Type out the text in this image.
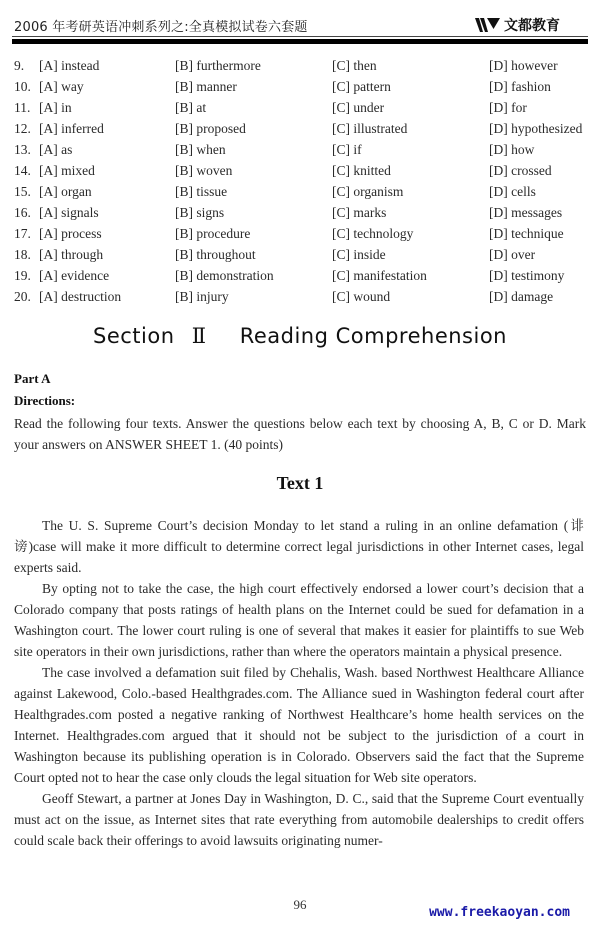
2006 年考研英语冲刺系列之:全真模拟试卷六套题	文都教育
9.	[A] instead	[B] furthermore	[C] then	[D] however
10. [A] way	[B] manner	[C] pattern	[D] fashion
11. [A] in	[B] at	[C] under	[D] for
12. [A] inferred	[B] proposed	[C] illustrated	[D] hypothesized
13. [A] as	[B] when	[C] if	[D] how
14. [A] mixed	[B] woven	[C] knitted	[D] crossed
15. [A] organ	[B] tissue	[C] organism	[D] cells
16. [A] signals	[B] signs	[C] marks	[D] messages
17. [A] process	[B] procedure	[C] technology	[D] technique
18. [A] through	[B] throughout	[C] inside	[D] over
19. [A] evidence	[B] demonstration	[C] manifestation	[D] testimony
20. [A] destruction	[B] injury	[C] wound	[D] damage
Section Ⅱ Reading Comprehension
Part A
Directions:
Read the following four texts. Answer the questions below each text by choosing A, B, C or D. Mark your answers on ANSWER SHEET 1. (40 points)
Text 1

The U. S. Supreme Court’s decision Monday to let stand a ruling in an online defamation (诽谤)case will make it more difficult to determine correct legal jurisdictions in other Internet cases, legal experts said.

By opting not to take the case, the high court effectively endorsed a lower court’s decision that a Colorado company that posts ratings of health plans on the Internet could be sued for defamation in a Washington court. The lower court ruling is one of several that makes it easier for plaintiffs to sue Web site operators in their own jurisdictions, rather than where the operators maintain a physical presence.

The case involved a defamation suit filed by Chehalis, Wash. based Northwest Healthcare Alliance against Lakewood, Colo.-based Healthgrades.com. The Alliance sued in Washington federal court after Healthgrades.com posted a negative ranking of Northwest Healthcare’s home health services on the Internet. Healthgrades.com argued that it should not be subject to the jurisdiction of a court in Washington because its publishing operation is in Colorado. Observers said the fact that the Supreme Court opted not to hear the case only clouds the legal situation for Web site operators.

Geoff Stewart, a partner at Jones Day in Washington, D. C., said that the Supreme Court eventually must act on the issue, as Internet sites that rate everything from automobile dealerships to credit offers could scale back their offerings to avoid lawsuits originating numer-

96
www.freekaoyan.com
